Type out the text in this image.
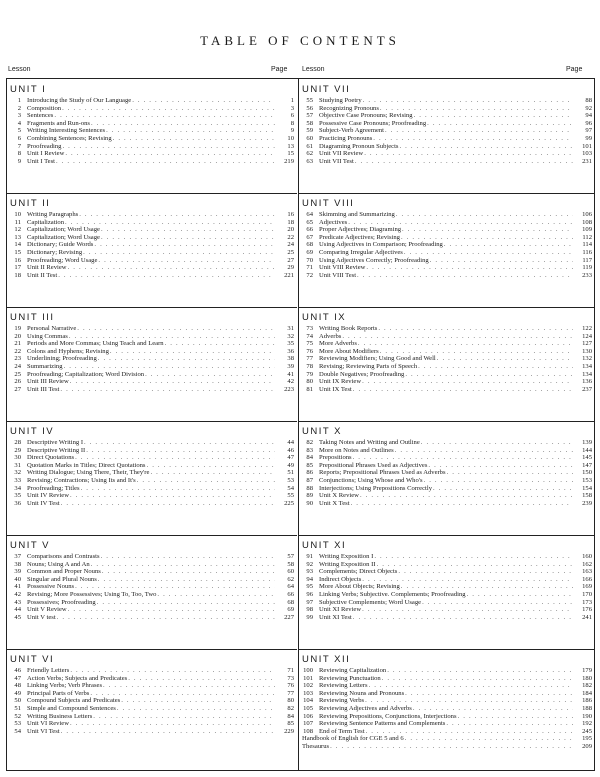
TABLE OF CONTENTS
Lesson	Page Lesson	Page
UNIT I
1 Introducing the Study of Our Language . . .	1
2 Composition . . .	3
3 Sentences . . .	6
4 Fragments and Run-ons . . .	8
5 Writing Interesting Sentences . . .	9
6 Combining Sentences; Revising . . .	10
7 Proofreading . . .	13
8 Unit I Review . . .	15
9 Unit I Test . . .	219
UNIT II
10 Writing Paragraphs . . .	16
11 Capitalization . . .	18
12 Capitalization; Word Usage . . .	20
13 Capitalization; Word Usage . . .	22
14 Dictionary; Guide Words . . .	24
15 Dictionary; Revising . . .	25
16 Proofreading; Word Usage . . .	27
17 Unit II Review . . .	29
18 Unit II Test . . .	221
UNIT III
19 Personal Narrative . . .	31
20 Using Commas . . .	32
21 Periods and More Commas; Using Teach and Learn . . .	35
22 Colons and Hyphens; Revising . . .	36
23 Underlining; Proofreading . . .	38
24 Summarizing . . .	39
25 Proofreading; Capitalization; Word Division . . .	41
26 Unit III Review . . .	42
27 Unit III Test . . .	223
UNIT IV
28 Descriptive Writing I . . .	44
29 Descriptive Writing II . . .	46
30 Direct Quotations . . .	47
31 Quotation Marks in Titles; Direct Quotations . . .	49
32 Writing Dialogue; Using There, Their, They're . . .	51
33 Revising; Contractions; Using Its and It's . . .	53
34 Proofreading; Titles . . .	54
35 Unit IV Review . . .	55
36 Unit IV Test . . .	225
UNIT V
37 Comparisons and Contrasts . . .	57
38 Nouns; Using A and An . . .	58
39 Common and Proper Nouns . . .	60
40 Singular and Plural Nouns . . .	62
41 Possessive Nouns . . .	64
42 Revising; More Possessives; Using To, Too, Two . . .	66
43 Possessives; Proofreading . . .	68
44 Unit V Review . . .	69
45 Unit V test . . .	227
UNIT VI
46 Friendly Letters . . .	71
47 Action Verbs; Subjects and Predicates . . .	73
48 Linking Verbs; Verb Phrases . . .	76
49 Principal Parts of Verbs . . .	77
50 Compound Subjects and Predicates . . .	80
51 Simple and Compound Sentences . . .	82
52 Writing Business Letters . . .	84
53 Unit VI Review . . .	85
54 Unit VI Test . . .	229
UNIT VII
55 Studying Poetry . . .	88
56 Recognizing Pronouns . . .	92
57 Objective Case Pronouns; Revising . . .	94
58 Possessive Case Pronouns; Proofreading . . .	96
59 Subject-Verb Agreement . . .	97
60 Practicing Pronouns . . .	99
61 Diagraming Pronoun Subjects . . .	101
62 Unit VII Review . . .	103
63 Unit VII Test . . .	231
UNIT VIII
64 Skimming and Summarizing . . .	106
65 Adjectives . . .	108
66 Proper Adjectives; Diagraming . . .	109
67 Predicate Adjectives; Revising . . .	112
68 Using Adjectives in Comparison; Proofreading . . .	114
69 Comparing Irregular Adjectives . . .	116
70 Using Adjectives Correctly; Proofreading . . .	117
71 Unit VIII Review . . .	119
72 Unit VIII Test . . .	233
UNIT IX
73 Writing Book Reports . . .	122
74 Adverbs . . .	124
75 More Adverbs . . .	127
76 More About Modifiers . . .	130
77 Reviewing Modifiers; Using Good and Well . . .	132
78 Revising; Reviewing Parts of Speech . . .	134
79 Double Negatives; Proofreading . . .	134
80 Unit IX Review . . .	136
81 Unit IX Test . . .	237
UNIT X
82 Taking Notes and Writing and Outline . . .	139
83 More on Notes and Outlines . . .	144
84 Prepositions . . .	145
85 Prepositional Phrases Used as Adjectives . . .	147
86 Reports; Prepositional Phrases Used as Adverbs . . .	150
87 Conjunctions; Using Whose and Who's . . .	153
88 Interjections; Using Prepositions Correctly . . .	154
89 Unit X Review . . .	158
90 Unit X Test . . .	239
UNIT XI
91 Writing Exposition I . . .	160
92 Writing Exposition II . . .	162
93 Complements; Direct Objects . . .	163
94 Indirect Objects . . .	166
95 More About Objects; Revising . . .	169
96 Linking Verbs; Subjective. Complements; Proofreading . . .	170
97 Subjective Complements; Word Usage . . .	173
98 Unit XI Review . . .	176
99 Unit XI Test . . .	241
UNIT XII
100 Reviewing Capitalization . . .	179
101 Reviewing Punctuation . . .	180
102 Reviewing Letters . . .	182
103 Reviewing Nouns and Pronouns . . .	184
104 Reviewing Verbs . . .	186
105 Reviewing Adjectives and Adverbs . . .	188
106 Reviewing Prepositions, Conjunctions, Interjections . . .	190
107 Reviewing Sentence Patterns and Complements . . .	192
108 End of Term Test . . .	245
Handbook of English for CGE 5 and 6 . . .	195
Thesaurus . . .	209
